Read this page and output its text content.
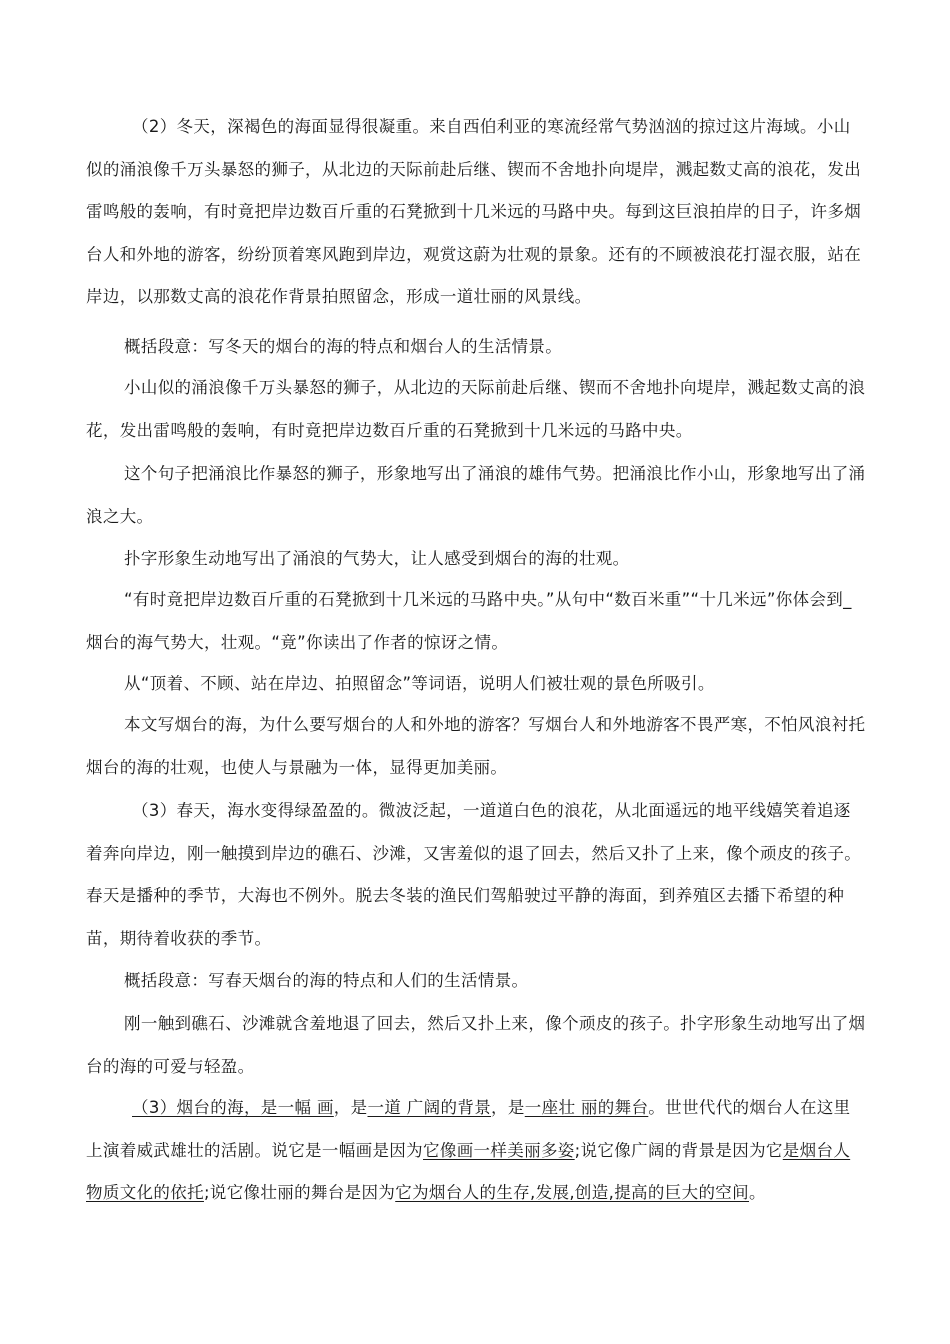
（2）冬天，深褐色的海面显得很凝重。来自西伯利亚的寒流经常气势汹汹的掠过这片海域。小山似的涌浪像千万头暴怒的狮子，从北边的天际前赴后继、锲而不舍地扑向堤岸，溅起数丈高的浪花，发出雷鸣般的轰响，有时竟把岸边数百斤重的石凳掀到十几米远的马路中央。每到这巨浪拍岸的日子，许多烟台人和外地的游客，纷纷顶着寒风跑到岸边，观赏这蔚为壮观的景象。还有的不顾被浪花打湿衣服，站在岸边，以那数丈高的浪花作背景拍照留念，形成一道壮丽的风景线。

概括段意：写冬天的烟台的海的特点和烟台人的生活情景。

小山似的涌浪像千万头暴怒的狮子，从北边的天际前赴后继、锲而不舍地扑向堤岸，溅起数丈高的浪花，发出雷鸣般的轰响，有时竟把岸边数百斤重的石凳掀到十几米远的马路中央。

这个句子把涌浪比作暴怒的狮子，形象地写出了涌浪的雄伟气势。把涌浪比作小山，形象地写出了涌浪之大。

扑字形象生动地写出了涌浪的气势大，让人感受到烟台的海的壮观。

“有时竟把岸边数百斤重的石凳掀到十几米远的马路中央。”从句中“数百米重”“十几米远”你体会到_烟台的海气势大，壮观。“竟”你读出了作者的惊讶之情。

从“顶着、不顾、站在岸边、拍照留念”等词语，说明人们被壮观的景色所吸引。

本文写烟台的海，为什么要写烟台的人和外地的游客？写烟台人和外地游客不畏严寒，不怕风浪衬托烟台的海的壮观，也使人与景融为一体，显得更加美丽。

（3）春天，海水变得绿盈盈的。微波泛起，一道道白色的浪花，从北面遥远的地平线嬉笑着追逐着奔向岸边，刚一触摸到岸边的礁石、沙滩，又害羞似的退了回去，然后又扑了上来，像个顽皮的孩子。春天是播种的季节，大海也不例外。脱去冬装的渔民们驾船驶过平静的海面，到养殖区去播下希望的种苗，期待着收获的季节。

概括段意：写春天烟台的海的特点和人们的生活情景。

刚一触到礁石、沙滩就含羞地退了回去，然后又扑上来，像个顽皮的孩子。扑字形象生动地写出了烟台的海的可爱与轻盈。

（3）烟台的海，是一幅 画，是一道 广阔的背景，是一座壮 丽的舞台。世世代代的烟台人在这里上演着威武雄壮的活剧。说它是一幅画是因为它像画一样美丽多姿;说它像广阔的背景是因为它是烟台人物质文化的依托;说它像壮丽的舞台是因为它为烟台人的生存,发展,创造,提高的巨大的空间。
